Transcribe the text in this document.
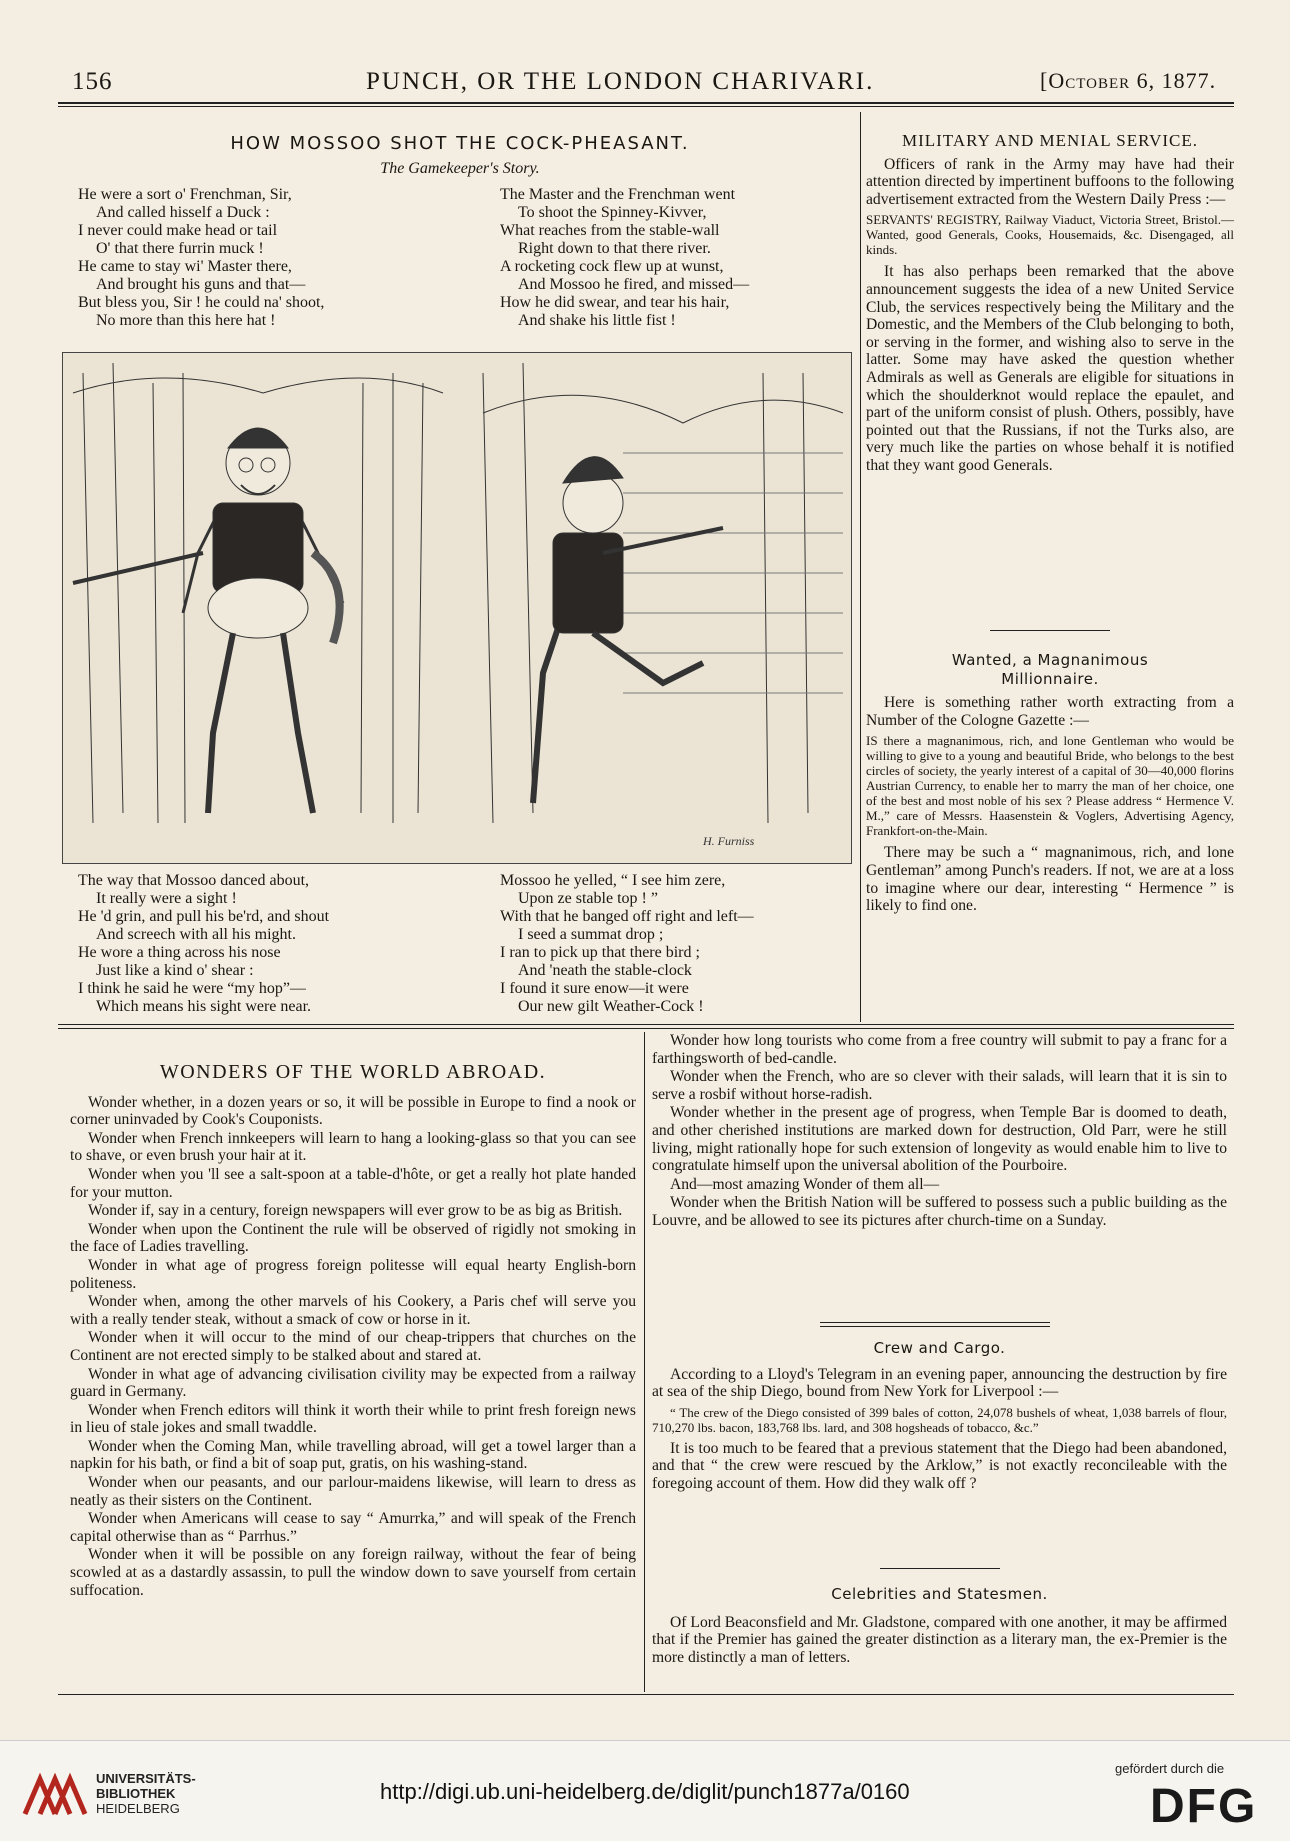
156	PUNCH, OR THE LONDON CHARIVARI.	[October 6, 1877.
HOW MOSSOO SHOT THE COCK-PHEASANT.
The Gamekeeper's Story.
He were a sort o' Frenchman, Sir,
And called hisself a Duck :
I never could make head or tail
O' that there furrin muck !
He came to stay wi' Master there,
And brought his guns and that—
But bless you, Sir ! he could na' shoot,
No more than this here hat !
The Master and the Frenchman went
To shoot the Spinney-Kivver,
What reaches from the stable-wall
Right down to that there river.
A rocketing cock flew up at wunst,
And Mossoo he fired, and missed—
How he did swear, and tear his hair,
And shake his little fist !
H. Furniss
The way that Mossoo danced about,
It really were a sight !
He 'd grin, and pull his be'rd, and shout
And screech with all his might.
He wore a thing across his nose
Just like a kind o' shear :
I think he said he were “my hop”—
Which means his sight were near.
Mossoo he yelled, “ I see him zere,
Upon ze stable top ! ”
With that he banged off right and left—
I seed a summat drop ;
I ran to pick up that there bird ;
And 'neath the stable-clock
I found it sure enow—it were
Our new gilt Weather-Cock !

MILITARY AND MENIAL SERVICE.

Officers of rank in the Army may have had their attention directed by impertinent buffoons to the following advertisement extracted from the Western Daily Press :—

SERVANTS' REGISTRY, Railway Viaduct, Victoria Street, Bristol.—Wanted, good Generals, Cooks, Housemaids, &c. Disengaged, all kinds.

It has also perhaps been remarked that the above announcement suggests the idea of a new United Service Club, the services respectively being the Military and the Domestic, and the Members of the Club belonging to both, or serving in the former, and wishing also to serve in the latter. Some may have asked the question whether Admirals as well as Generals are eligible for situations in which the shoulderknot would replace the epaulet, and part of the uniform consist of plush. Others, possibly, have pointed out that the Russians, if not the Turks also, are very much like the parties on whose behalf it is notified that they want good Generals.

Wanted, a Magnanimous

Millionnaire.

Here is something rather worth extracting from a Number of the Cologne Gazette :—

IS there a magnanimous, rich, and lone Gentleman who would be willing to give to a young and beautiful Bride, who belongs to the best circles of society, the yearly interest of a capital of 30—40,000 florins Austrian Currency, to enable her to marry the man of her choice, one of the best and most noble of his sex ? Please address “ Hermence V. M.,” care of Messrs. Haasenstein & Voglers, Advertising Agency, Frankfort-on-the-Main.

There may be such a “ magnanimous, rich, and lone Gentleman” among Punch's readers. If not, we are at a loss to imagine where our dear, interesting “ Hermence ” is likely to find one.

WONDERS OF THE WORLD ABROAD.

Wonder whether, in a dozen years or so, it will be possible in Europe to find a nook or corner uninvaded by Cook's Couponists.

Wonder when French innkeepers will learn to hang a looking-glass so that you can see to shave, or even brush your hair at it.

Wonder when you 'll see a salt-spoon at a table-d'hôte, or get a really hot plate handed for your mutton.

Wonder if, say in a century, foreign newspapers will ever grow to be as big as British.

Wonder when upon the Continent the rule will be observed of rigidly not smoking in the face of Ladies travelling.

Wonder in what age of progress foreign politesse will equal hearty English-born politeness.

Wonder when, among the other marvels of his Cookery, a Paris chef will serve you with a really tender steak, without a smack of cow or horse in it.

Wonder when it will occur to the mind of our cheap-trippers that churches on the Continent are not erected simply to be stalked about and stared at.

Wonder in what age of advancing civilisation civility may be expected from a railway guard in Germany.

Wonder when French editors will think it worth their while to print fresh foreign news in lieu of stale jokes and small twaddle.

Wonder when the Coming Man, while travelling abroad, will get a towel larger than a napkin for his bath, or find a bit of soap put, gratis, on his washing-stand.

Wonder when our peasants, and our parlour-maidens likewise, will learn to dress as neatly as their sisters on the Continent.

Wonder when Americans will cease to say “ Amurrka,” and will speak of the French capital otherwise than as “ Parrhus.”

Wonder when it will be possible on any foreign railway, without the fear of being scowled at as a dastardly assassin, to pull the window down to save yourself from certain suffocation.

Wonder how long tourists who come from a free country will submit to pay a franc for a farthingsworth of bed-candle.

Wonder when the French, who are so clever with their salads, will learn that it is sin to serve a rosbif without horse-radish.

Wonder whether in the present age of progress, when Temple Bar is doomed to death, and other cherished institutions are marked down for destruction, Old Parr, were he still living, might rationally hope for such extension of longevity as would enable him to live to congratulate himself upon the universal abolition of the Pourboire.

And—most amazing Wonder of them all—

Wonder when the British Nation will be suffered to possess such a public building as the Louvre, and be allowed to see its pictures after church-time on a Sunday.

Crew and Cargo.

According to a Lloyd's Telegram in an evening paper, announcing the destruction by fire at sea of the ship Diego, bound from New York for Liverpool :—

“ The crew of the Diego consisted of 399 bales of cotton, 24,078 bushels of wheat, 1,038 barrels of flour, 710,270 lbs. bacon, 183,768 lbs. lard, and 308 hogsheads of tobacco, &c.”

It is too much to be feared that a previous statement that the Diego had been abandoned, and that “ the crew were rescued by the Arklow,” is not exactly reconcileable with the foregoing account of them. How did they walk off ?

Celebrities and Statesmen.

Of Lord Beaconsfield and Mr. Gladstone, compared with one another, it may be affirmed that if the Premier has gained the greater distinction as a literary man, the ex-Premier is the more distinctly a man of letters.

UNIVERSITÄTS-
BIBLIOTHEK
HEIDELBERG
http://digi.ub.uni-heidelberg.de/diglit/punch1877a/0160
gefördert durch die
DFG
